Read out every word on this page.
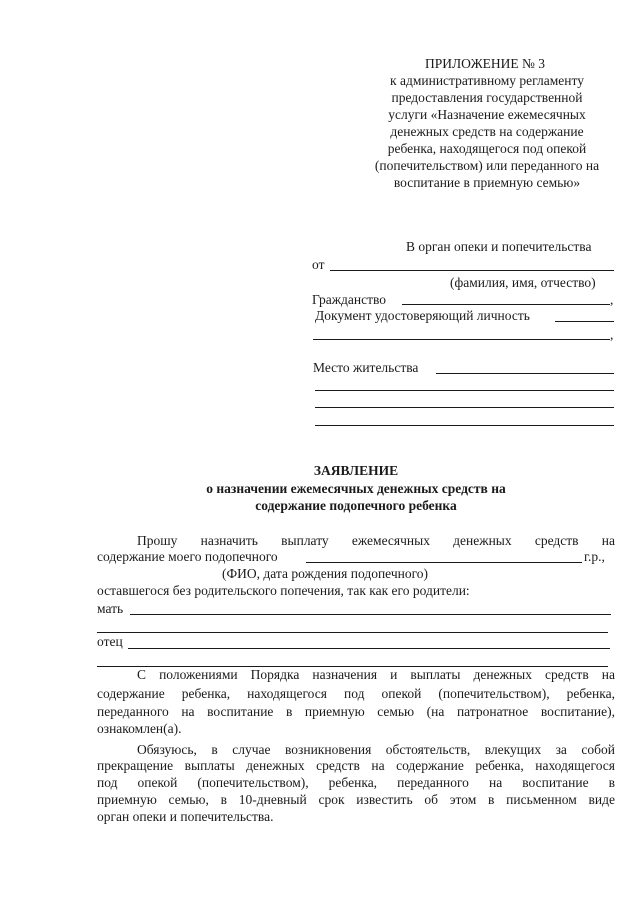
ПРИЛОЖЕНИЕ № 3
к административному регламенту
предоставления государственной
услуги «Назначение ежемесячных
денежных средств на содержание
ребенка, находящегося под опекой
(попечительством) или переданного на
воспитание в приемную семью»
В орган опеки и попечительства
от
(фамилия, имя, отчество)
Гражданство	,
Документ удостоверяющий личность
,
Место жительства
ЗАЯВЛЕНИЕ
о назначении ежемесячных денежных средств на
содержание подопечного ребенка
Прошу назначить выплату ежемесячных денежных средств на
содержание моего подопечного	г.р.,
(ФИО, дата рождения подопечного)
оставшегося без родительского попечения, так как его родители:
мать
отец
С положениями Порядка назначения и выплаты денежных средств на
содержание ребенка, находящегося под опекой (попечительством), ребенка,
переданного на воспитание в приемную семью (на патронатное воспитание),
ознакомлен(а).
Обязуюсь, в случае возникновения обстоятельств, влекущих за собой
прекращение выплаты денежных средств на содержание ребенка, находящегося
под опекой (попечительством), ребенка, переданного на воспитание в
приемную семью, в 10-дневный срок известить об этом в письменном виде
орган опеки и попечительства.
